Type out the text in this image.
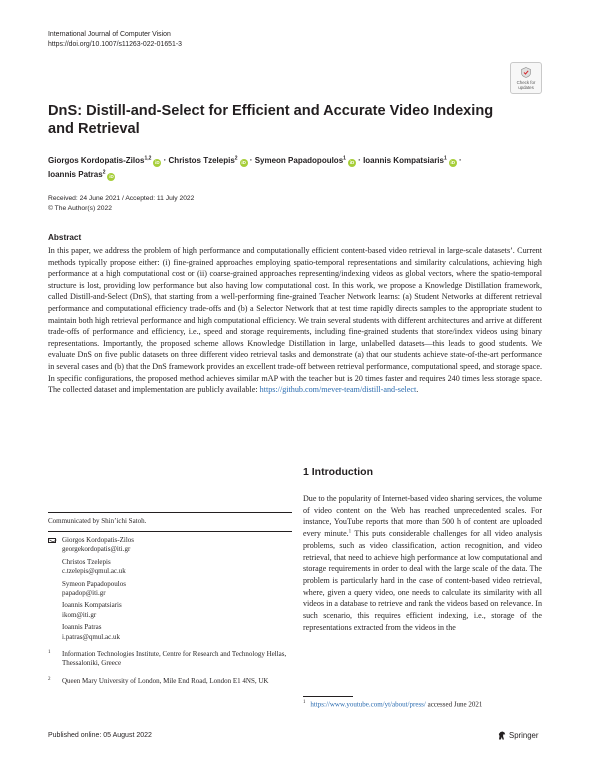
International Journal of Computer Vision
https://doi.org/10.1007/s11263-022-01651-3
Check for
updates
DnS: Distill-and-Select for Efficient and Accurate Video Indexing and Retrieval
Giorgos Kordopatis-Zilos$^{1,2}$iD · Christos Tzelepis$^2$iD · Symeon Papadopoulos$^1$iD · Ioannis Kompatsiaris$^1$iD ·
Ioannis Patras$^2$iD
Received: 24 June 2021 / Accepted: 11 July 2022
© The Author(s) 2022
Abstract
In this paper, we address the problem of high performance and computationally efficient content-based video retrieval in large-scale datasets’. Current methods typically propose either: (i) fine-grained approaches employing spatio-temporal representations and similarity calculations, achieving high performance at a high computational cost or (ii) coarse-grained approaches representing/indexing videos as global vectors, where the spatio-temporal structure is lost, providing low performance but also having low computational cost. In this work, we propose a Knowledge Distillation framework, called Distill-and-Select (DnS), that starting from a well-performing fine-grained Teacher Network learns: (a) Student Networks at different retrieval performance and computational efficiency trade-offs and (b) a Selector Network that at test time rapidly directs samples to the appropriate student to maintain both high retrieval performance and high computational efficiency. We train several students with different architectures and arrive at different trade-offs of performance and efficiency, i.e., speed and storage requirements, including fine-grained students that store/index videos using binary representations. Importantly, the proposed scheme allows Knowledge Distillation in large, unlabelled datasets—this leads to good students. We evaluate DnS on five public datasets on three different video retrieval tasks and demonstrate (a) that our students achieve state-of-the-art performance in several cases and (b) that the DnS framework provides an excellent trade-off between retrieval performance, computational speed, and storage space. In specific configurations, the proposed method achieves similar mAP with the teacher but is 20 times faster and requires 240 times less storage space. The collected dataset and implementation are publicly available: https://github.com/mever-team/distill-and-select.
Communicated by Shin’ichi Satoh.
Giorgos Kordopatis-Zilos
georgekordopatis@iti.gr
Christos Tzelepis
c.tzelepis@qmul.ac.uk
Symeon Papadopoulos
papadop@iti.gr
Ioannis Kompatsiaris
ikom@iti.gr
Ioannis Patras
i.patras@qmul.ac.uk
1 Information Technologies Institute, Centre for Research and Technology Hellas, Thessaloniki, Greece
2 Queen Mary University of London, Mile End Road, London E1 4NS, UK
1 Introduction
Due to the popularity of Internet-based video sharing services, the volume of video content on the Web has reached unprecedented scales. For instance, YouTube reports that more than 500 h of content are uploaded every minute.$^1$ This puts considerable challenges for all video analysis problems, such as video classification, action recognition, and video retrieval, that need to achieve high performance at low computational and storage requirements in order to deal with the large scale of the data. The problem is particularly hard in the case of content-based video retrieval, where, given a query video, one needs to calculate its similarity with all videos in a database to retrieve and rank the videos based on relevance. In such scenario, this requires efficient indexing, i.e., storage of the representations extracted from the videos in the
$^1$ https://www.youtube.com/yt/about/press/ accessed June 2021
Published online: 05 August 2022	Springer
